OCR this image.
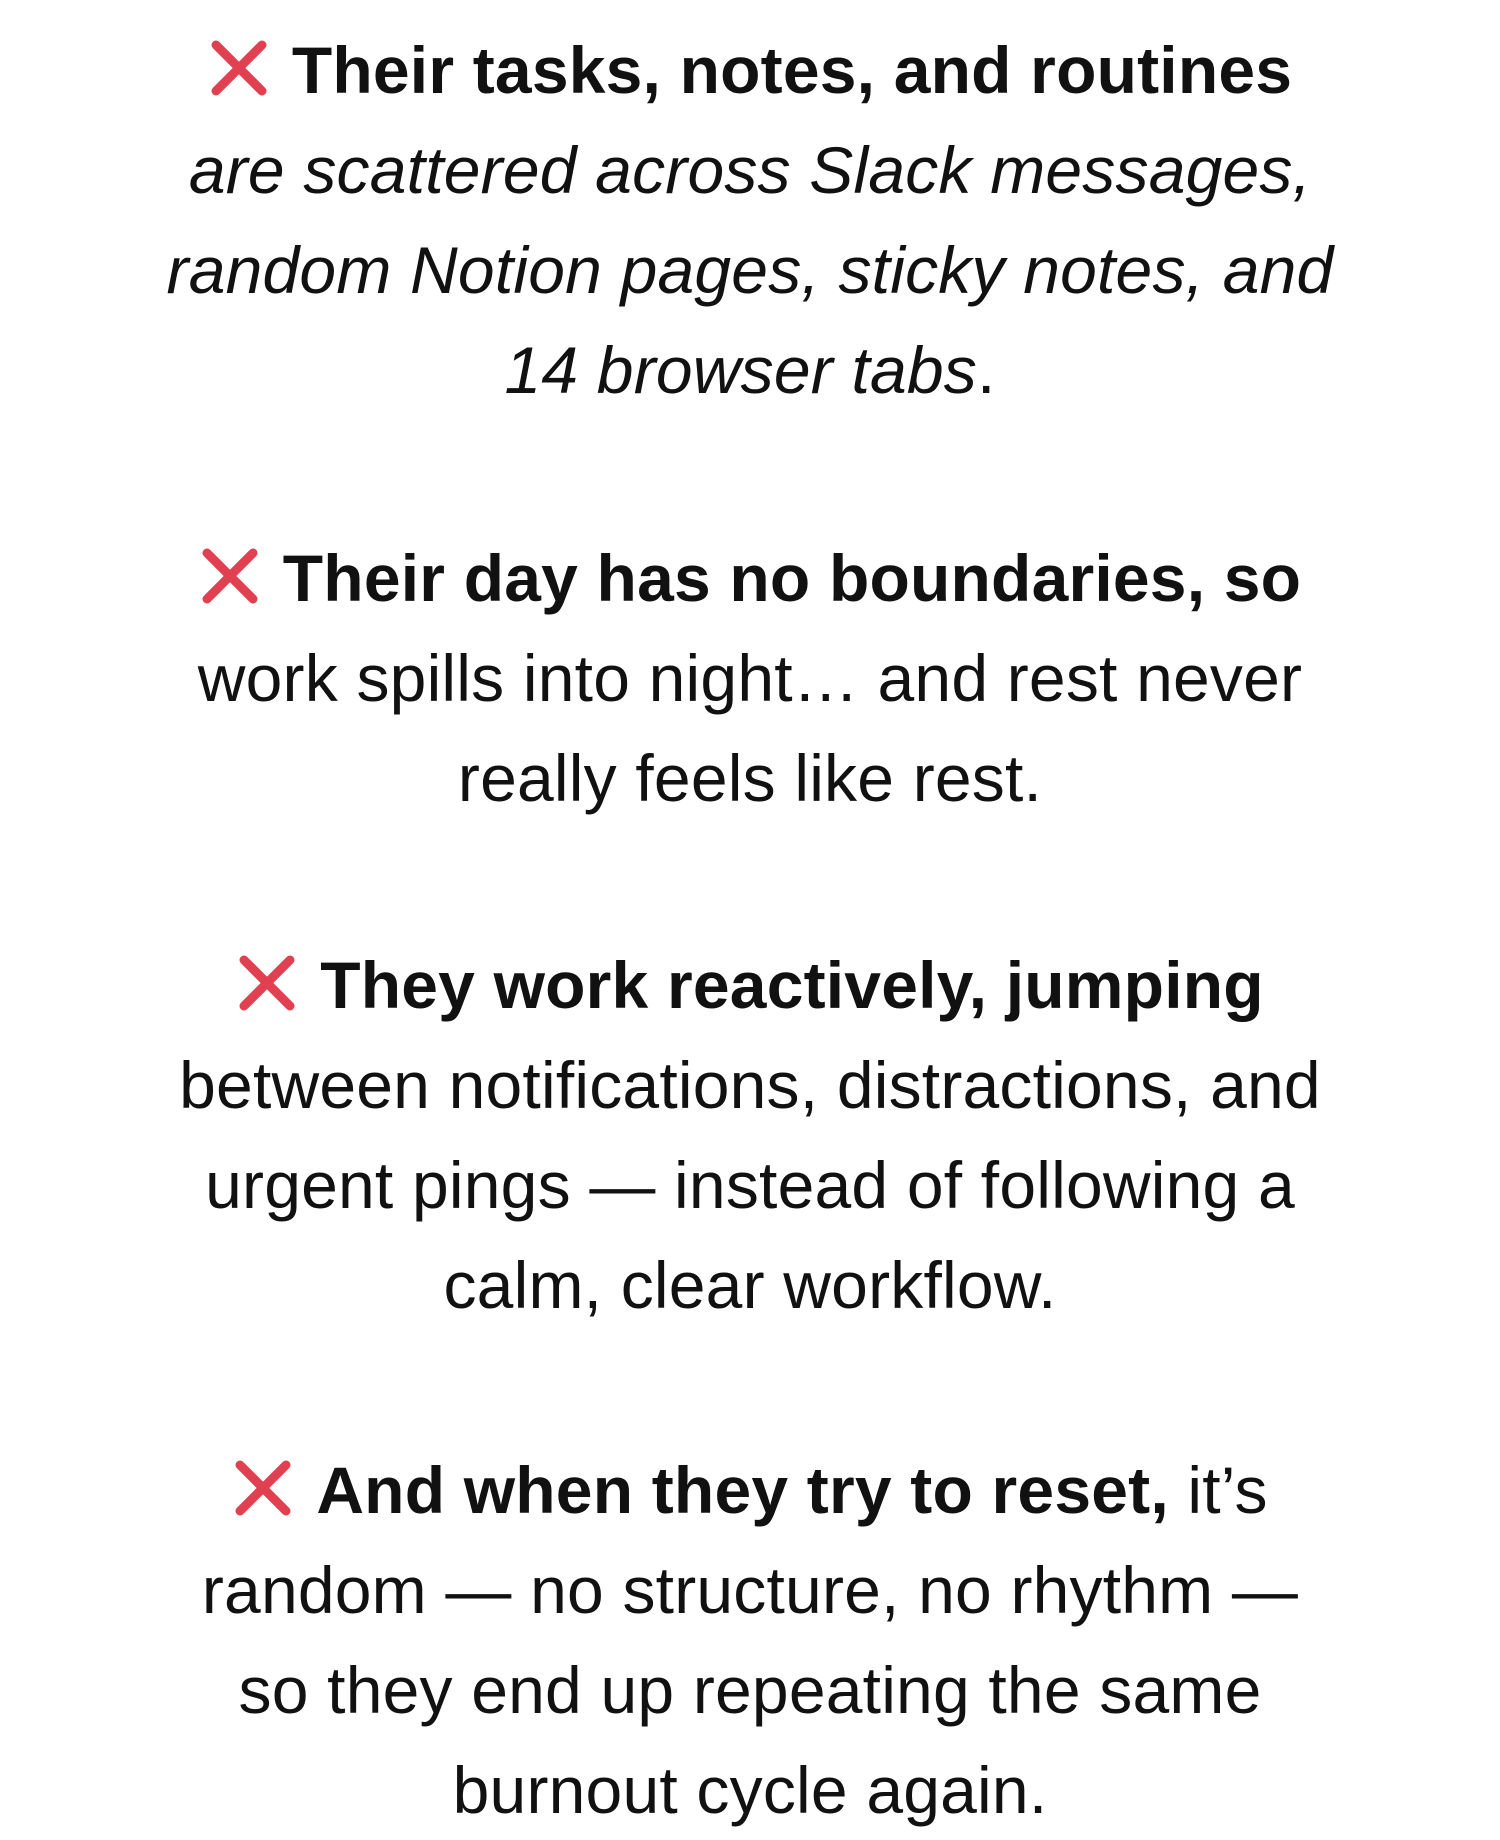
Their tasks, notes, and routines
are scattered across Slack messages,
random Notion pages, sticky notes, and
14 browser tabs.
Their day has no boundaries, so
work spills into night… and rest never
really feels like rest.
They work reactively, jumping
between notifications, distractions, and
urgent pings — instead of following a
calm, clear workflow.
And when they try to reset, it’s
random — no structure, no rhythm —
so they end up repeating the same
burnout cycle again.
